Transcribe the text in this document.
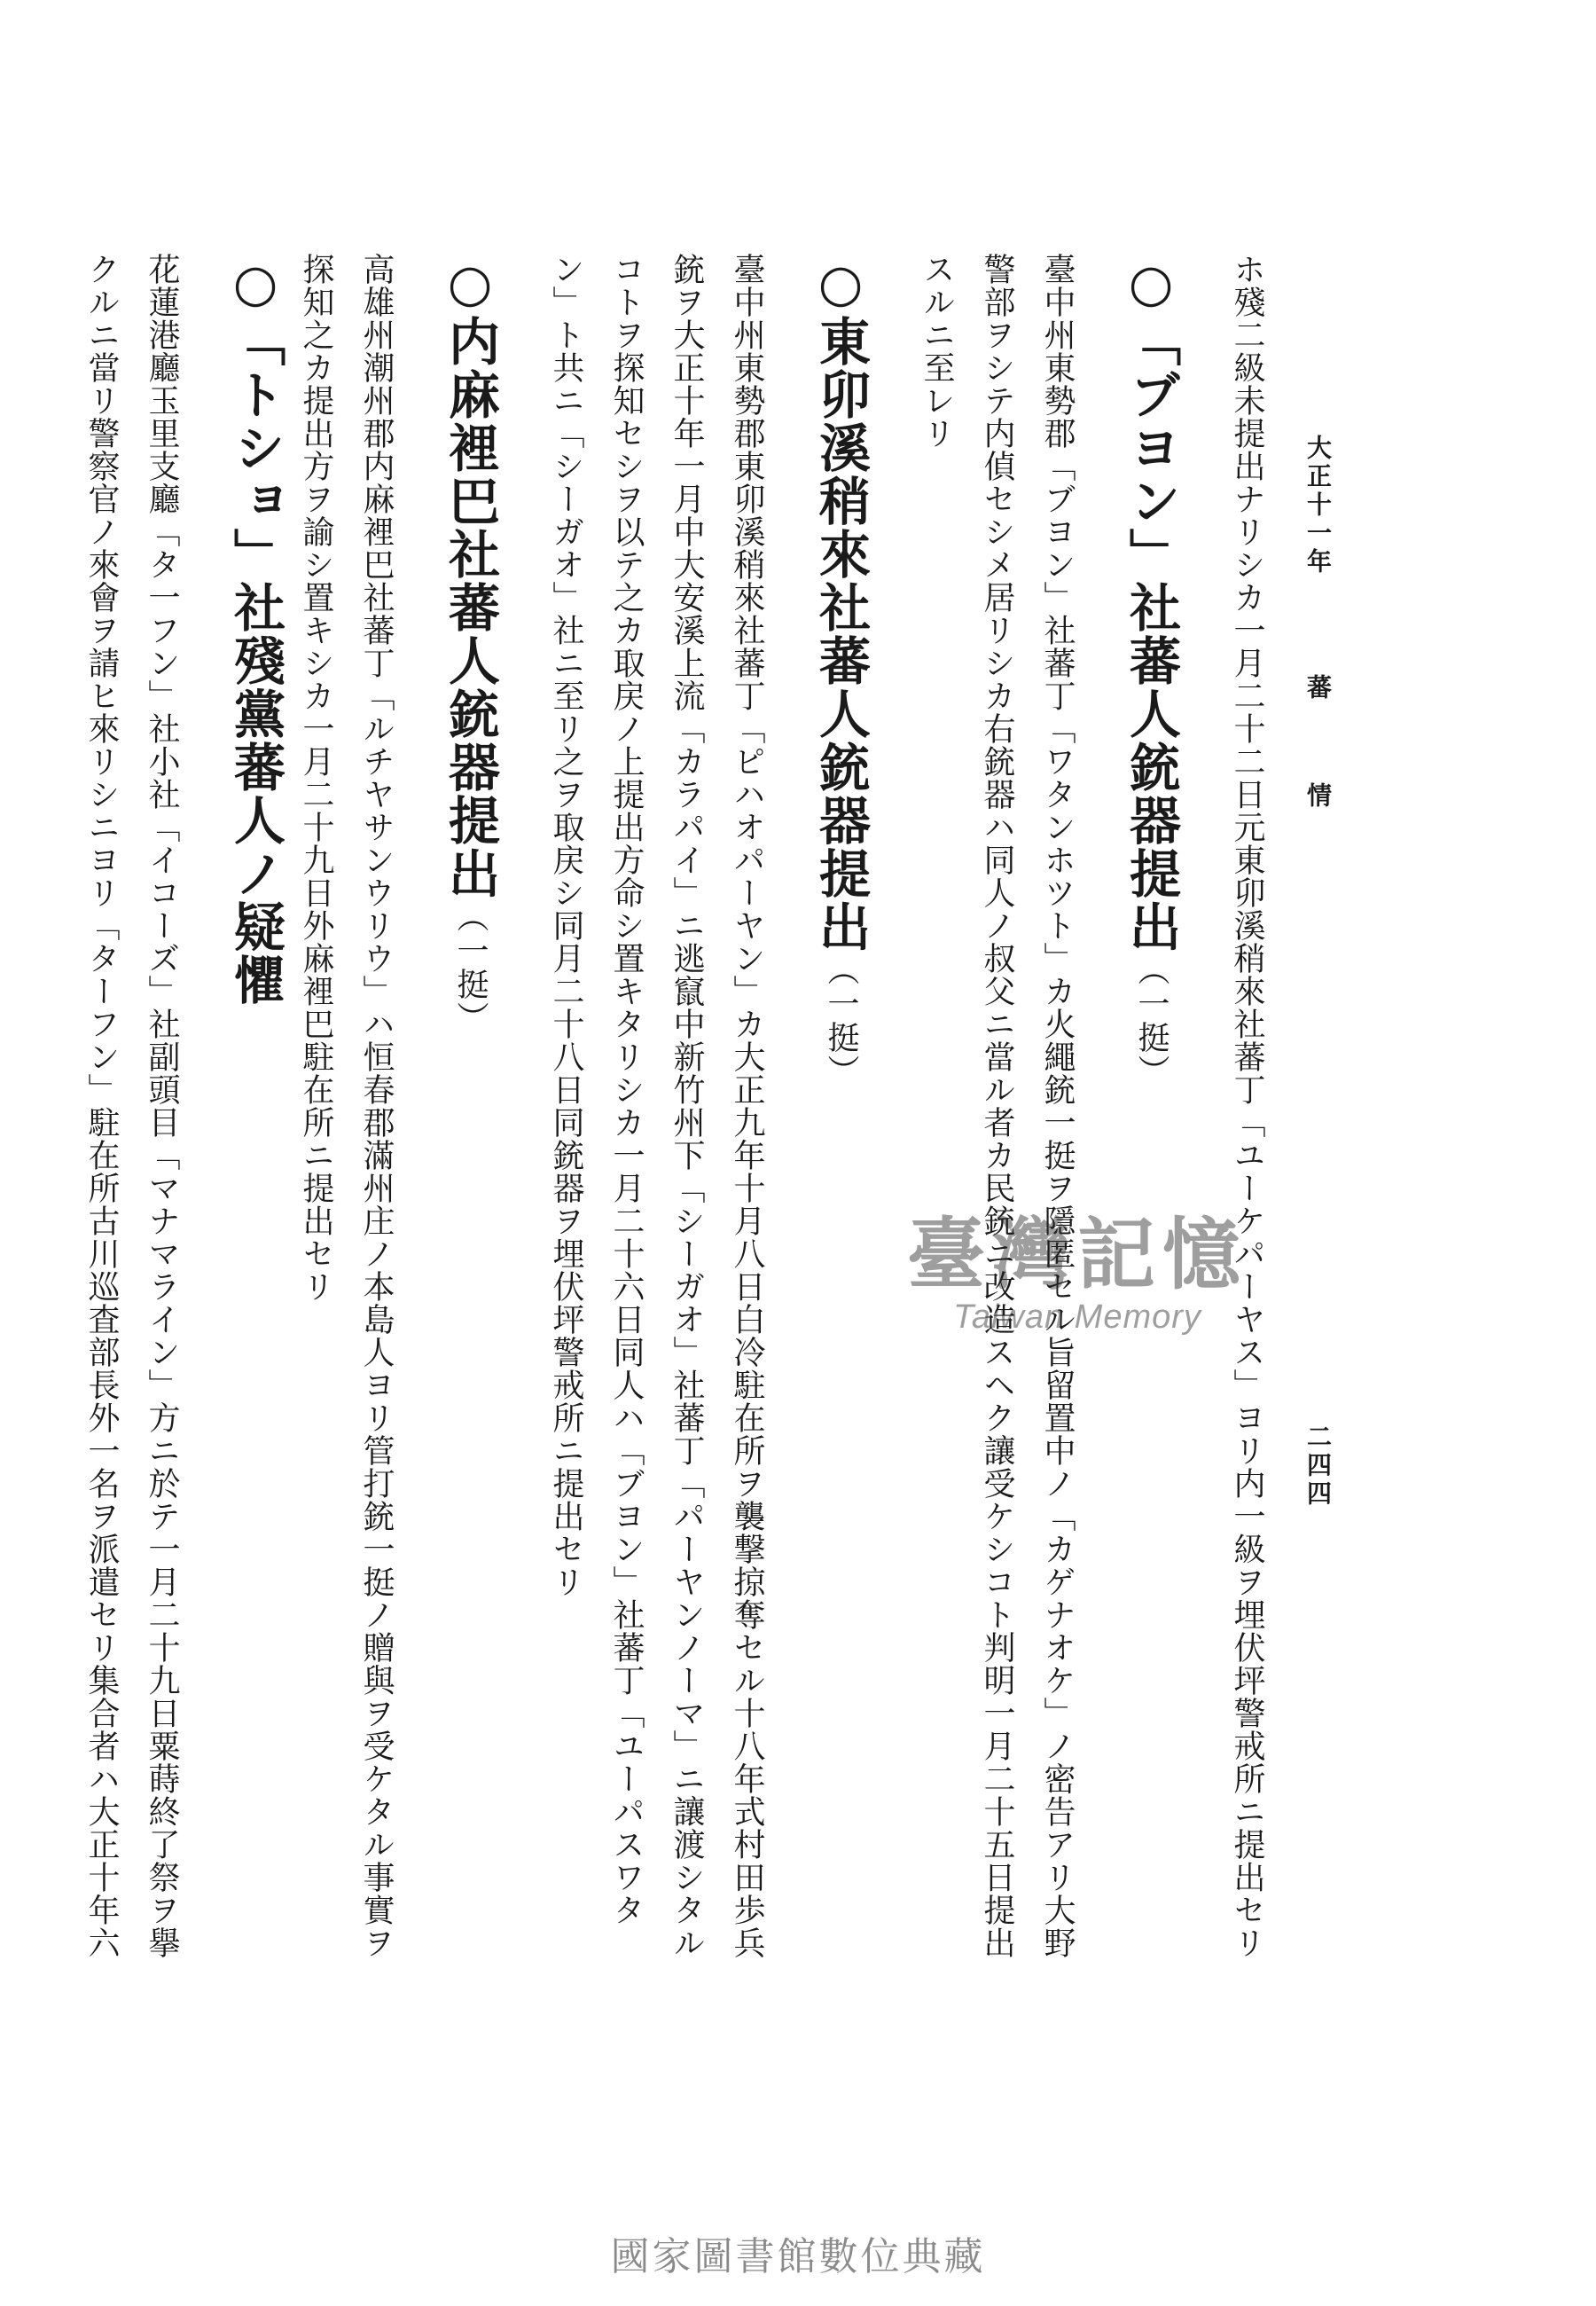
大正十一年蕃情
二四四
ホ殘二級未提出ナリシカ一月二十二日元東卯溪稍來社蕃丁「ユーケパーヤス」ヨリ内一級ヲ埋伏坪警戒所ニ提出セリ
○「ブヨン」社蕃人銃器提出（一挺）
臺中州東勢郡「ブヨン」社蕃丁「ワタンホツト」カ火繩銃一挺ヲ隱匿セル旨留置中ノ「カゲナオケ」ノ密告アリ大野
警部ヲシテ内偵セシメ居リシカ右銃器ハ同人ノ叔父ニ當ル者カ民銃ニ改造スヘク讓受ケシコト判明一月二十五日提出
スルニ至レリ
○東卯溪稍來社蕃人銃器提出（一挺）
臺中州東勢郡東卯溪稍來社蕃丁「ピハオパーヤン」カ大正九年十月八日白冷駐在所ヲ襲撃掠奪セル十八年式村田歩兵
銃ヲ大正十年一月中大安溪上流「カラパイ」ニ逃竄中新竹州下「シーガオ」社蕃丁「パーヤンノーマ」ニ讓渡シタル
コトヲ探知セシヲ以テ之カ取戻ノ上提出方命シ置キタリシカ一月二十六日同人ハ「ブヨン」社蕃丁「ユーパスワタ
ン」ト共ニ「シーガオ」社ニ至リ之ヲ取戻シ同月二十八日同銃器ヲ埋伏坪警戒所ニ提出セリ
○内麻裡巴社蕃人銃器提出（一挺）
高雄州潮州郡内麻裡巴社蕃丁「ルチヤサンウリウ」ハ恒春郡滿州庄ノ本島人ヨリ管打銃一挺ノ贈與ヲ受ケタル事實ヲ
探知之カ提出方ヲ諭シ置キシカ一月二十九日外麻裡巴駐在所ニ提出セリ
○「トショ」社殘黨蕃人ノ疑懼
花蓮港廳玉里支廳「タ一フン」社小社「イコーズ」社副頭目「マナマライン」方ニ於テ一月二十九日粟蒔終了祭ヲ擧
クルニ當リ警察官ノ來會ヲ請ヒ來リシニヨリ「ターフン」駐在所古川巡査部長外一名ヲ派遣セリ集合者ハ大正十年六	臺灣記憶
Taiwan Memory
國家圖書館數位典藏
